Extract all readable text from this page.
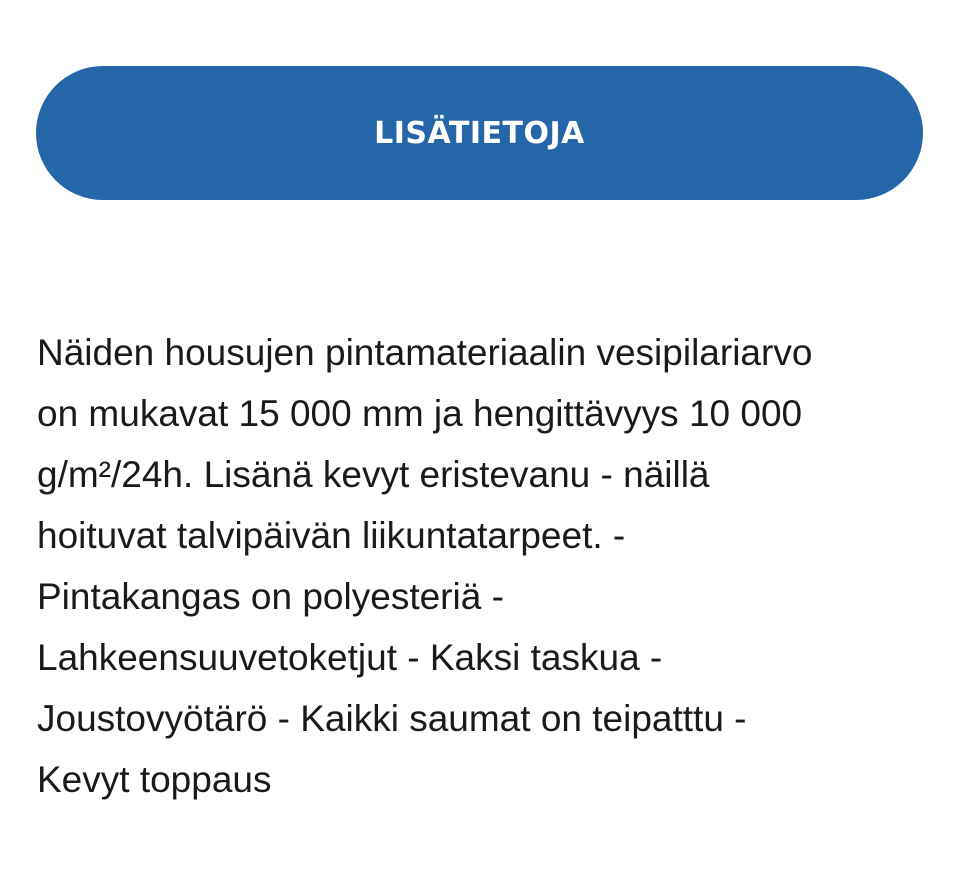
LISÄTIETOJA

Näiden housujen pintamateriaalin vesipilariarvo
on mukavat 15 000 mm ja hengittävyys 10 000
g/m²/24h. Lisänä kevyt eristevanu - näillä
hoituvat talvipäivän liikuntatarpeet. -
Pintakangas on polyesteriä -
Lahkeensuuvetoketjut - Kaksi taskua -
Joustovyötärö - Kaikki saumat on teipatttu -
Kevyt toppaus
